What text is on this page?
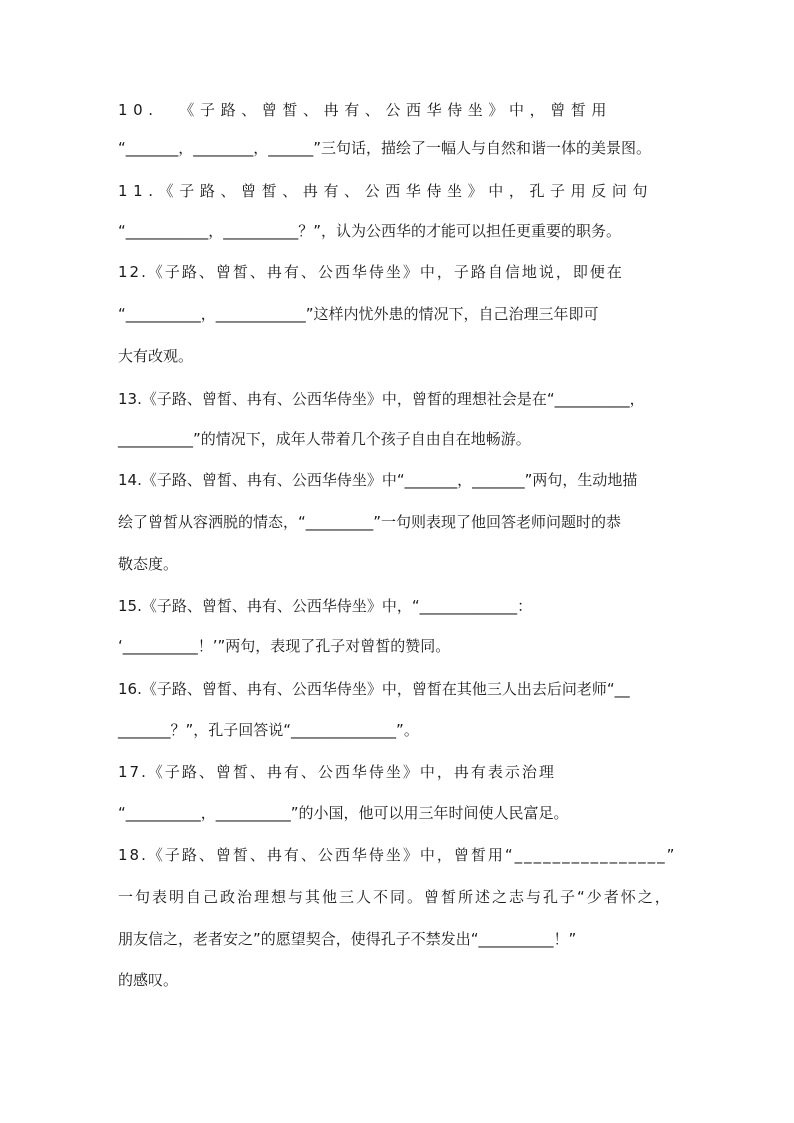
10.  《子路、曾皙、冉有、公西华侍坐》中，曾皙用

“_______，________，______”三句话，描绘了一幅人与自然和谐一体的美景图。

11.《子路、曾皙、冉有、公西华侍坐》中，孔子用反问句

“___________，__________？”，认为公西华的才能可以担任更重要的职务。

12.《子路、曾皙、冉有、公西华侍坐》中，子路自信地说，即便在

“__________，____________”这样内忧外患的情况下，自己治理三年即可

大有改观。

13.《子路、曾皙、冉有、公西华侍坐》中，曾皙的理想社会是在“__________，

__________”的情况下，成年人带着几个孩子自由自在地畅游。

14.《子路、曾皙、冉有、公西华侍坐》中“_______，_______”两句，生动地描

绘了曾皙从容洒脱的情态，“_________”一句则表现了他回答老师问题时的恭

敬态度。

15.《子路、曾皙、冉有、公西华侍坐》中，“_____________：

‘__________！’”两句，表现了孔子对曾皙的赞同。

16.《子路、曾皙、冉有、公西华侍坐》中，曾皙在其他三人出去后问老师“__

_______？”，孔子回答说“______________”。

17.《子路、曾皙、冉有、公西华侍坐》中，冉有表示治理

“__________，__________”的小国，他可以用三年时间使人民富足。

18.《子路、曾皙、冉有、公西华侍坐》中，曾皙用“________________”

一句表明自己政治理想与其他三人不同。曾皙所述之志与孔子“少者怀之，

朋友信之，老者安之”的愿望契合，使得孔子不禁发出“__________！”

的感叹。
